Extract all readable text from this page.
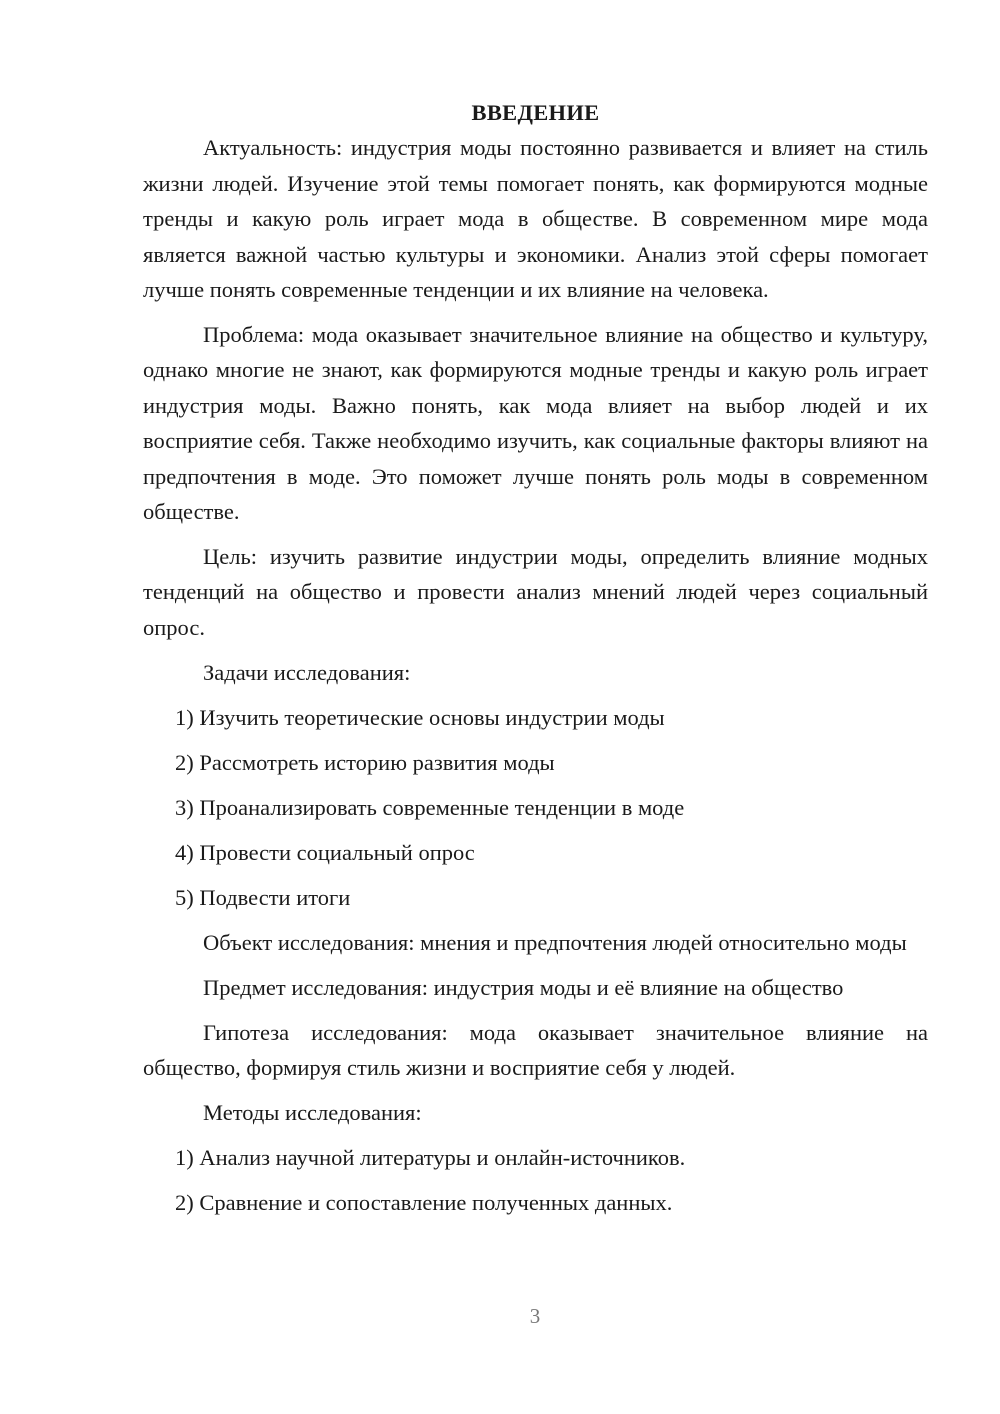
ВВЕДЕНИЕ

Актуальность: индустрия моды постоянно развивается и влияет на стиль жизни людей. Изучение этой темы помогает понять, как формируются модные тренды и какую роль играет мода в обществе. В современном мире мода является важной частью культуры и экономики. Анализ этой сферы помогает лучше понять современные тенденции и их влияние на человека.

Проблема: мода оказывает значительное влияние на общество и культуру, однако многие не знают, как формируются модные тренды и какую роль играет индустрия моды. Важно понять, как мода влияет на выбор людей и их восприятие себя. Также необходимо изучить, как социальные факторы влияют на предпочтения в моде. Это поможет лучше понять роль моды в современном обществе.

Цель: изучить развитие индустрии моды, определить влияние модных тенденций на общество и провести анализ мнений людей через социальный опрос.

Задачи исследования:

1) Изучить теоретические основы индустрии моды
2) Рассмотреть историю развития моды
3) Проанализировать современные тенденции в моде
4) Провести социальный опрос
5) Подвести итоги

Объект исследования: мнения и предпочтения людей относительно моды

Предмет исследования: индустрия моды и её влияние на общество

Гипотеза исследования: мода оказывает значительное влияние на общество, формируя стиль жизни и восприятие себя у людей.

Методы исследования:

1) Анализ научной литературы и онлайн-источников.
2) Сравнение и сопоставление полученных данных.
3
